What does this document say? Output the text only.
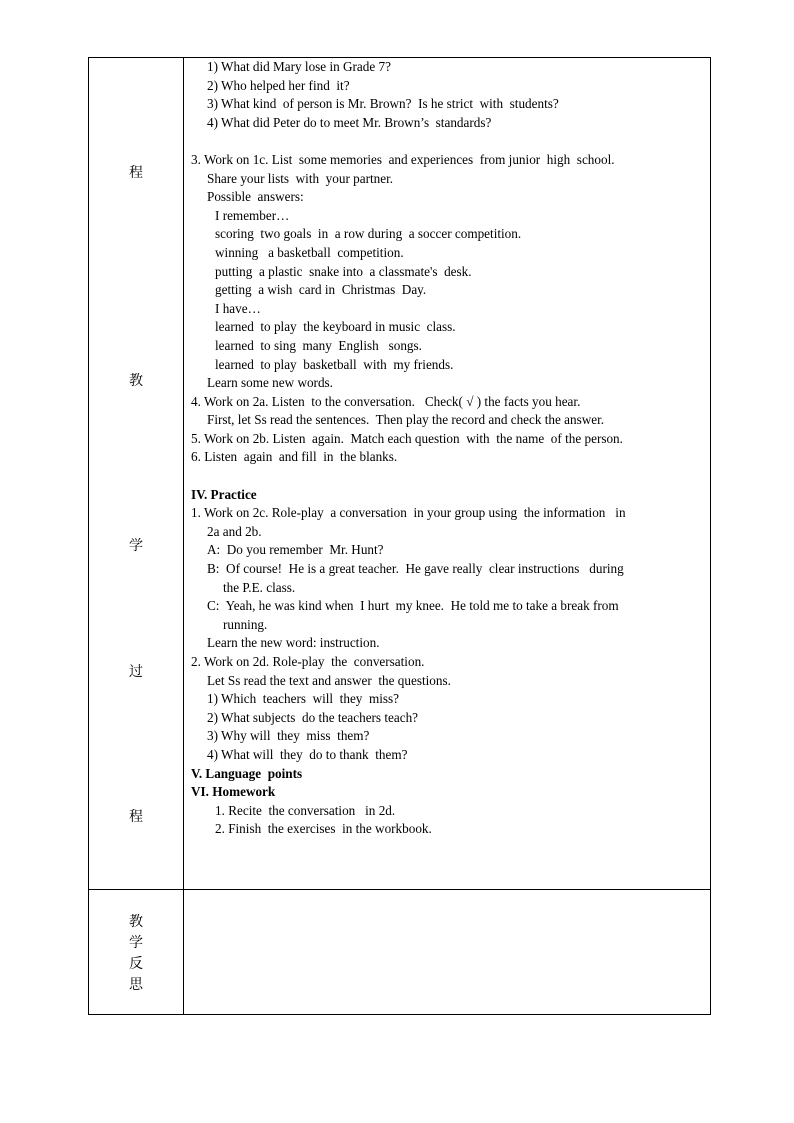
程
教
学
过
程
1) What did Mary lose in Grade 7?
2) Who helped her find  it?
3) What kind  of person is Mr. Brown?  Is he strict  with  students?
4) What did Peter do to meet Mr. Brown’s  standards?
3. Work on 1c. List  some memories  and experiences  from junior  high  school.
Share your lists  with  your partner.
Possible  answers:
I remember…
scoring  two goals  in  a row during  a soccer competition.
winning   a basketball  competition.
putting  a plastic  snake into  a classmate's  desk.
getting  a wish  card in  Christmas  Day.
I have…
learned  to play  the keyboard in music  class.
learned  to sing  many  English   songs.
learned  to play  basketball  with  my friends.
Learn some new words.
4. Work on 2a. Listen  to the conversation.   Check( √ ) the facts you hear.
First, let Ss read the sentences.  Then play the record and check the answer.
5. Work on 2b. Listen  again.  Match each question  with  the name  of the person.
6. Listen  again  and fill  in  the blanks.
IV. Practice
1. Work on 2c. Role-play  a conversation  in your group using  the information   in
2a and 2b.
A:  Do you remember  Mr. Hunt?
B:  Of course!  He is a great teacher.  He gave really  clear instructions   during
the P.E. class.
C:  Yeah, he was kind when  I hurt  my knee.  He told me to take a break from
running.
Learn the new word: instruction.
2. Work on 2d. Role-play  the  conversation.
Let Ss read the text and answer  the questions.
1) Which  teachers  will  they  miss?
2) What subjects  do the teachers teach?
3) Why will  they  miss  them?
4) What will  they  do to thank  them?
V. Language  points
VI. Homework
1. Recite  the conversation   in 2d.
2. Finish  the exercises  in the workbook.
教
学
反
思
